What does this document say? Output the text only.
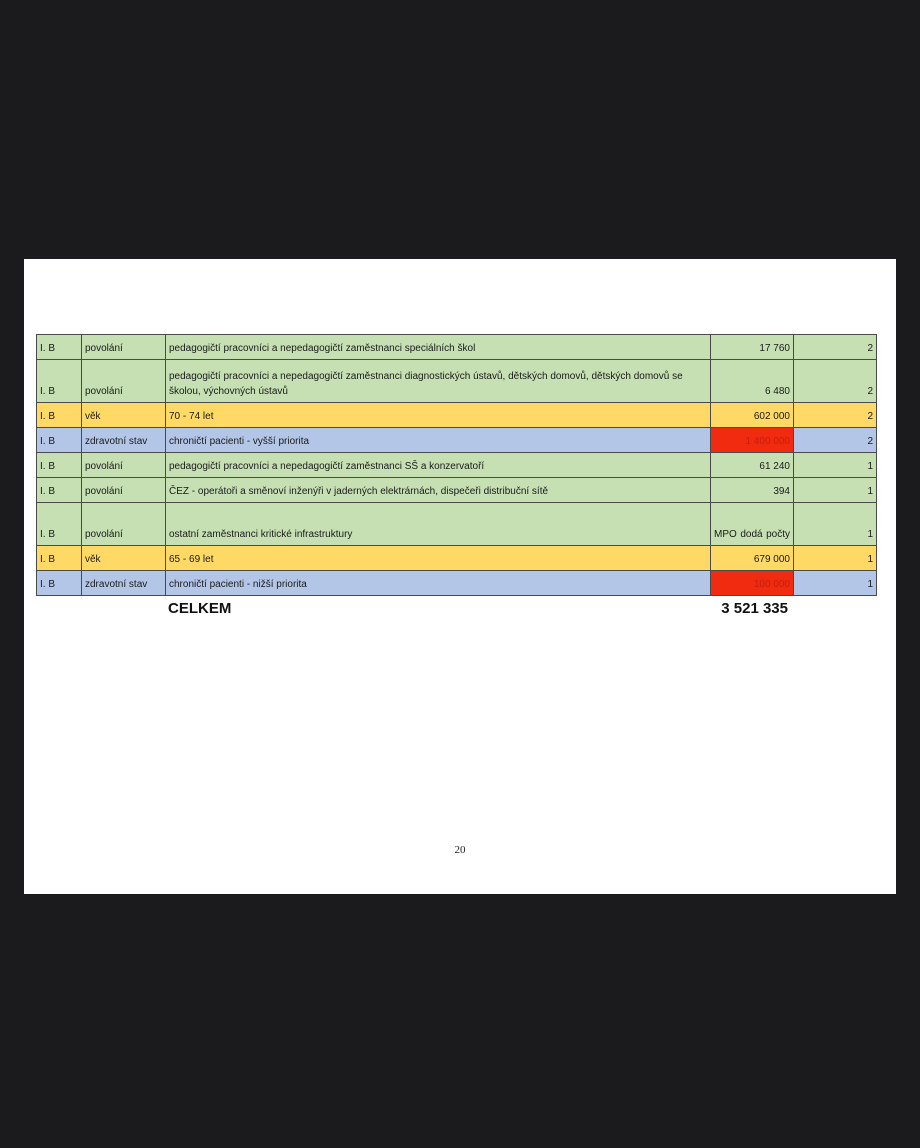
I. B	povolání	pedagogičtí pracovníci a nepedagogičtí zaměstnanci speciálních škol	17 760	2
I. B	povolání	pedagogičtí pracovníci a nepedagogičtí zaměstnanci diagnostických ústavů, dětských domovů, dětských domovů se školou, výchovných ústavů	6 480	2
I. B	věk	70 - 74 let	602 000	2
I. B	zdravotní stav	chroničtí pacienti - vyšší priorita	1 400 000	2
I. B	povolání	pedagogičtí pracovníci a nepedagogičtí zaměstnanci SŠ a konzervatoří	61 240	1
I. B	povolání	ČEZ - operátoři a směnoví inženýři v jaderných elektrárnách, dispečeři distribuční sítě	394	1
I. B	povolání	ostatní zaměstnanci kritické infrastruktury	MPO dodá počty	1
I. B	věk	65 - 69 let	679 000	1
I. B	zdravotní stav	chroničtí pacienti - nižší priorita	100 000	1
CELKEM	3 521 335
20
